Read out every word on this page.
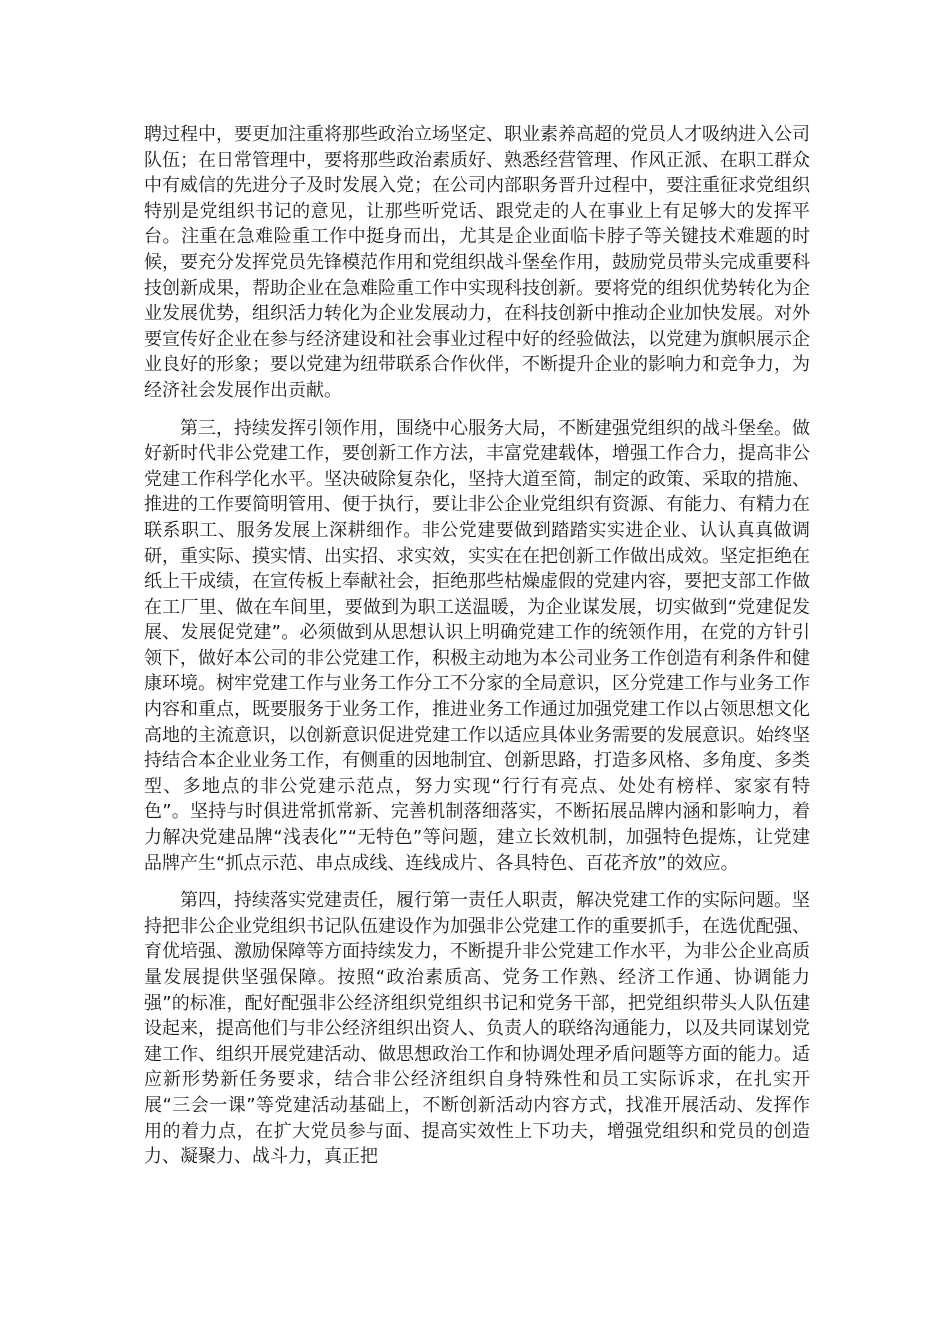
聘过程中，要更加注重将那些政治立场坚定、职业素养高超的党员人才吸纳进入公司队伍；在日常管理中，要将那些政治素质好、熟悉经营管理、作风正派、在职工群众中有威信的先进分子及时发展入党；在公司内部职务晋升过程中，要注重征求党组织特别是党组织书记的意见，让那些听党话、跟党走的人在事业上有足够大的发挥平台。注重在急难险重工作中挺身而出，尤其是企业面临卡脖子等关键技术难题的时候，要充分发挥党员先锋模范作用和党组织战斗堡垒作用，鼓励党员带头完成重要科技创新成果，帮助企业在急难险重工作中实现科技创新。要将党的组织优势转化为企业发展优势，组织活力转化为企业发展动力，在科技创新中推动企业加快发展。对外要宣传好企业在参与经济建设和社会事业过程中好的经验做法，以党建为旗帜展示企业良好的形象；要以党建为纽带联系合作伙伴，不断提升企业的影响力和竞争力，为经济社会发展作出贡献。

第三，持续发挥引领作用，围绕中心服务大局，不断建强党组织的战斗堡垒。做好新时代非公党建工作，要创新工作方法，丰富党建载体，增强工作合力，提高非公党建工作科学化水平。坚决破除复杂化，坚持大道至简，制定的政策、采取的措施、推进的工作要简明管用、便于执行，要让非公企业党组织有资源、有能力、有精力在联系职工、服务发展上深耕细作。非公党建要做到踏踏实实进企业、认认真真做调研，重实际、摸实情、出实招、求实效，实实在在把创新工作做出成效。坚定拒绝在纸上干成绩，在宣传板上奉献社会，拒绝那些枯燥虚假的党建内容，要把支部工作做在工厂里、做在车间里，要做到为职工送温暖，为企业谋发展，切实做到“党建促发展、发展促党建”。必须做到从思想认识上明确党建工作的统领作用，在党的方针引领下，做好本公司的非公党建工作，积极主动地为本公司业务工作创造有利条件和健康环境。树牢党建工作与业务工作分工不分家的全局意识，区分党建工作与业务工作内容和重点，既要服务于业务工作，推进业务工作通过加强党建工作以占领思想文化高地的主流意识，以创新意识促进党建工作以适应具体业务需要的发展意识。始终坚持结合本企业业务工作，有侧重的因地制宜、创新思路，打造多风格、多角度、多类型、多地点的非公党建示范点，努力实现“行行有亮点、处处有榜样、家家有特色”。坚持与时俱进常抓常新、完善机制落细落实，不断拓展品牌内涵和影响力，着力解决党建品牌“浅表化”“无特色”等问题，建立长效机制，加强特色提炼，让党建品牌产生“抓点示范、串点成线、连线成片、各具特色、百花齐放”的效应。

第四，持续落实党建责任，履行第一责任人职责，解决党建工作的实际问题。坚持把非公企业党组织书记队伍建设作为加强非公党建工作的重要抓手，在选优配强、育优培强、激励保障等方面持续发力，不断提升非公党建工作水平，为非公企业高质量发展提供坚强保障。按照“政治素质高、党务工作熟、经济工作通、协调能力强”的标准，配好配强非公经济组织党组织书记和党务干部，把党组织带头人队伍建设起来，提高他们与非公经济组织出资人、负责人的联络沟通能力，以及共同谋划党建工作、组织开展党建活动、做思想政治工作和协调处理矛盾问题等方面的能力。适应新形势新任务要求，结合非公经济组织自身特殊性和员工实际诉求，在扎实开展“三会一课”等党建活动基础上，不断创新活动内容方式，找准开展活动、发挥作用的着力点，在扩大党员参与面、提高实效性上下功夫，增强党组织和党员的创造力、凝聚力、战斗力，真正把
